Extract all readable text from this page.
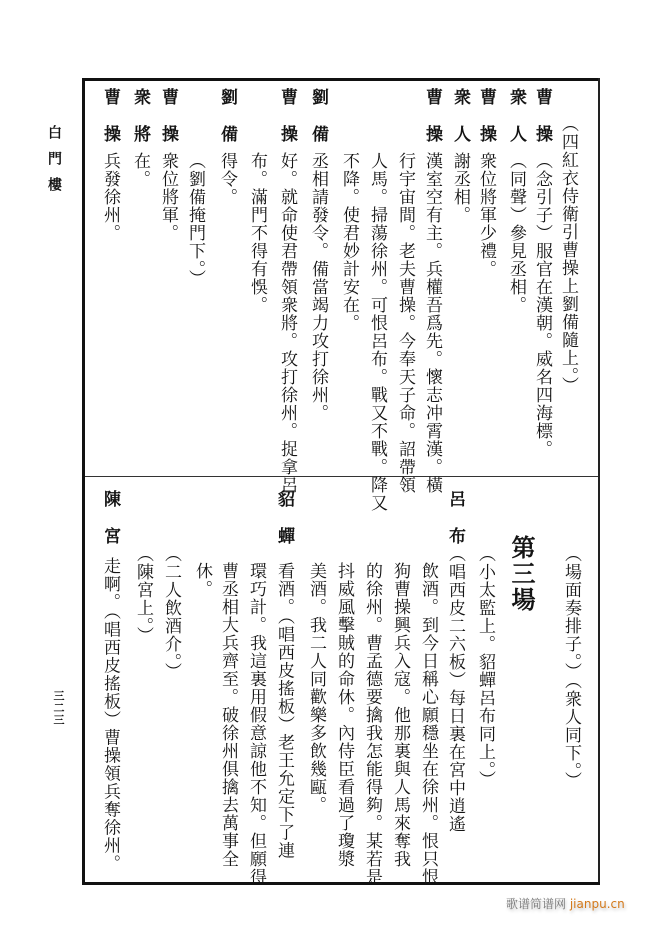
白門樓
三二三
（四紅衣侍衛引曹操上劉備隨上。）
曹操
（念引子）服官在漢朝。威名四海標。
衆人
（同聲）參見丞相。
曹操
衆位將軍少禮。
衆人
謝丞相。
曹操
漢室空有主。兵權吾爲先。懷志冲霄漢。橫
行宇宙間。老夫曹操。今奉天子命。詔帶領
人馬。掃蕩徐州。可恨呂布。戰又不戰。降又
不降。使君妙計安在。
劉備
丞相請發令。備當竭力攻打徐州。
曹操
好。就命使君帶領衆將。攻打徐州。捉拿呂
布。滿門不得有悞。
劉備
得令。
（劉備掩門下。）
曹操
衆位將軍。
衆將
在。
曹操
兵發徐州。
（場面奏排子。）（衆人同下。）
第三場
（小太監上。貂蟬呂布同上。）
呂布
（唱西皮二六板）每日裏在宮中逍遙
飲酒。到今日稱心願穩坐在徐州。恨只恨
狗曹操興兵入寇。他那裏與人馬來奪我
的徐州。曹孟德要擒我怎能得夠。某若是
抖威風擊賊的命休。內侍臣看過了瓊漿
美酒。我二人同歡樂多飲幾甌。
貂蟬
看酒。（唱西皮搖板）老王允定下了連
環巧計。我這裏用假意諒他不知。但願得
曹丞相大兵齊至。破徐州俱擒去萬事全
休。
（二人飲酒介。）
（陳宮上。）
陳宮
走啊。（唱西皮搖板）曹操領兵奪徐州。
歌谱简谱网 jianpu.cn
